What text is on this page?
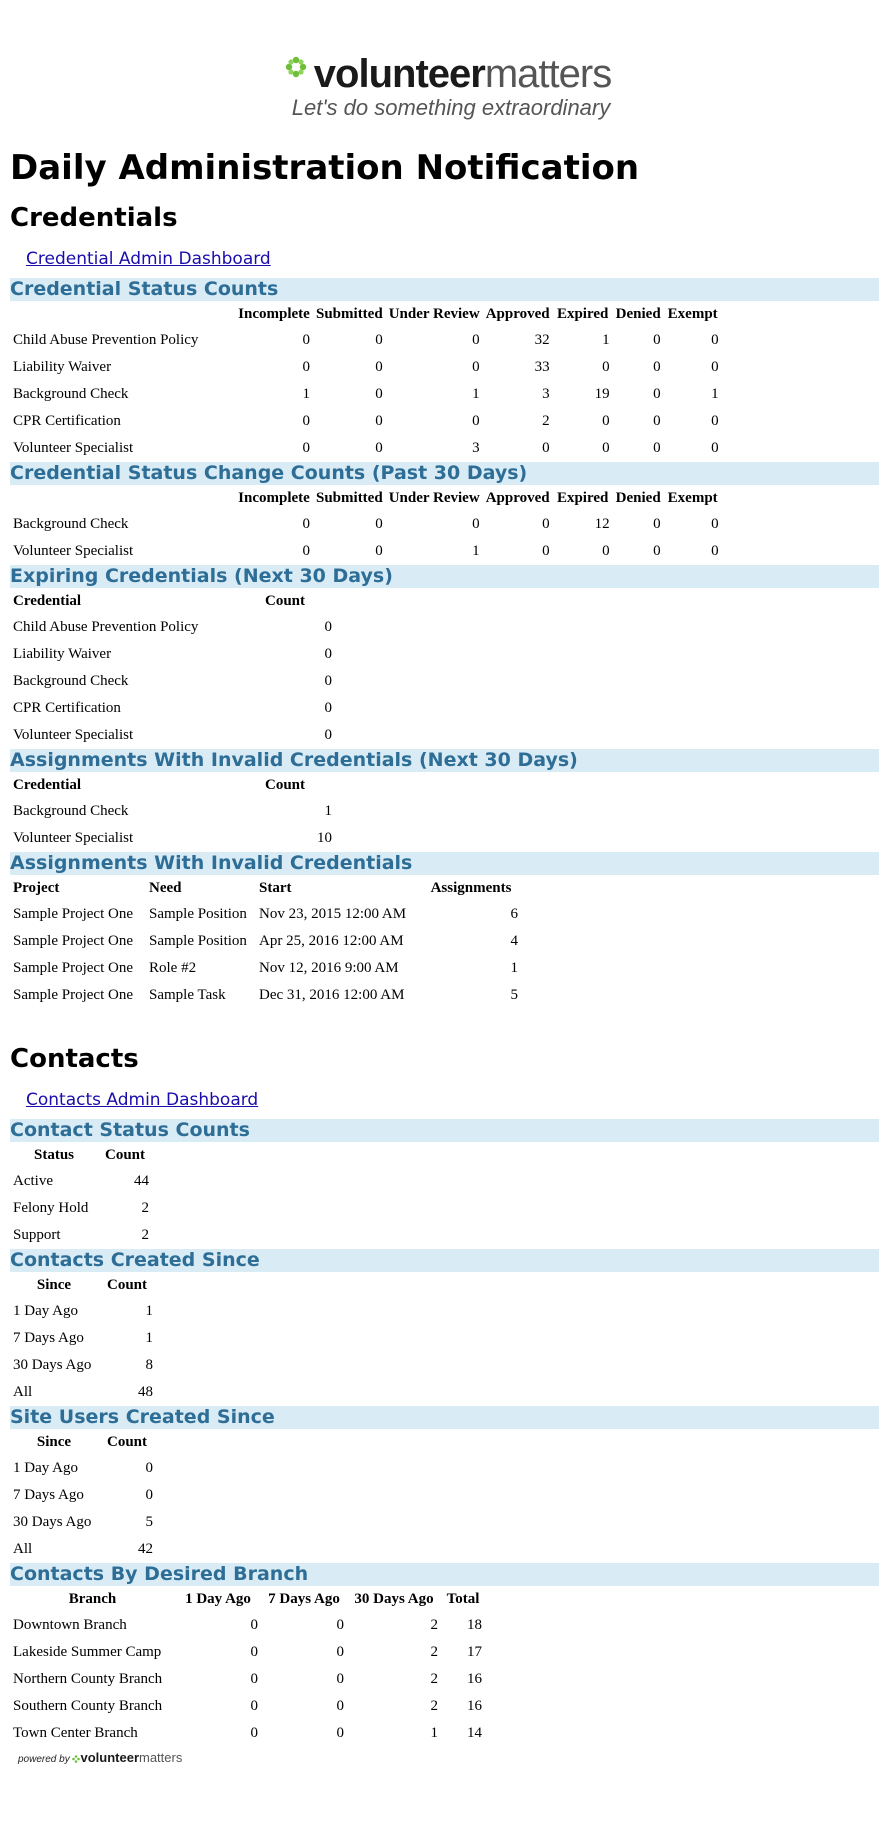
volunteermatters
Let's do something extraordinary
Daily Administration Notification
Credentials
Credential Admin Dashboard
Credential Status Counts
	Incomplete	Submitted	Under Review	Approved	Expired	Denied	Exempt
Child Abuse Prevention Policy	0	0	0	32	1	0	0
Liability Waiver	0	0	0	33	0	0	0
Background Check	1	0	1	3	19	0	1
CPR Certification	0	0	0	2	0	0	0
Volunteer Specialist	0	0	3	0	0	0	0
Credential Status Change Counts (Past 30 Days)
	Incomplete	Submitted	Under Review	Approved	Expired	Denied	Exempt
Background Check	0	0	0	0	12	0	0
Volunteer Specialist	0	0	1	0	0	0	0
Expiring Credentials (Next 30 Days)
Credential	Count
Child Abuse Prevention Policy	0
Liability Waiver	0
Background Check	0
CPR Certification	0
Volunteer Specialist	0
Assignments With Invalid Credentials (Next 30 Days)
Credential	Count
Background Check	1
Volunteer Specialist	10
Assignments With Invalid Credentials
Project	Need	Start	Assignments
Sample Project One	Sample Position	Nov 23, 2015 12:00 AM	6
Sample Project One	Sample Position	Apr 25, 2016 12:00 AM	4
Sample Project One	Role #2	Nov 12, 2016 9:00 AM	1
Sample Project One	Sample Task	Dec 31, 2016 12:00 AM	5
Contacts
Contacts Admin Dashboard
Contact Status Counts
Status	Count
Active	44
Felony Hold	2
Support	2
Contacts Created Since
Since	Count
1 Day Ago	1
7 Days Ago	1
30 Days Ago	8
All	48
Site Users Created Since
Since	Count
1 Day Ago	0
7 Days Ago	0
30 Days Ago	5
All	42
Contacts By Desired Branch
Branch	1 Day Ago	7 Days Ago	30 Days Ago	Total
Downtown Branch	0	0	2	18
Lakeside Summer Camp	0	0	2	17
Northern County Branch	0	0	2	16
Southern County Branch	0	0	2	16
Town Center Branch	0	0	1	14
powered by volunteermatters
